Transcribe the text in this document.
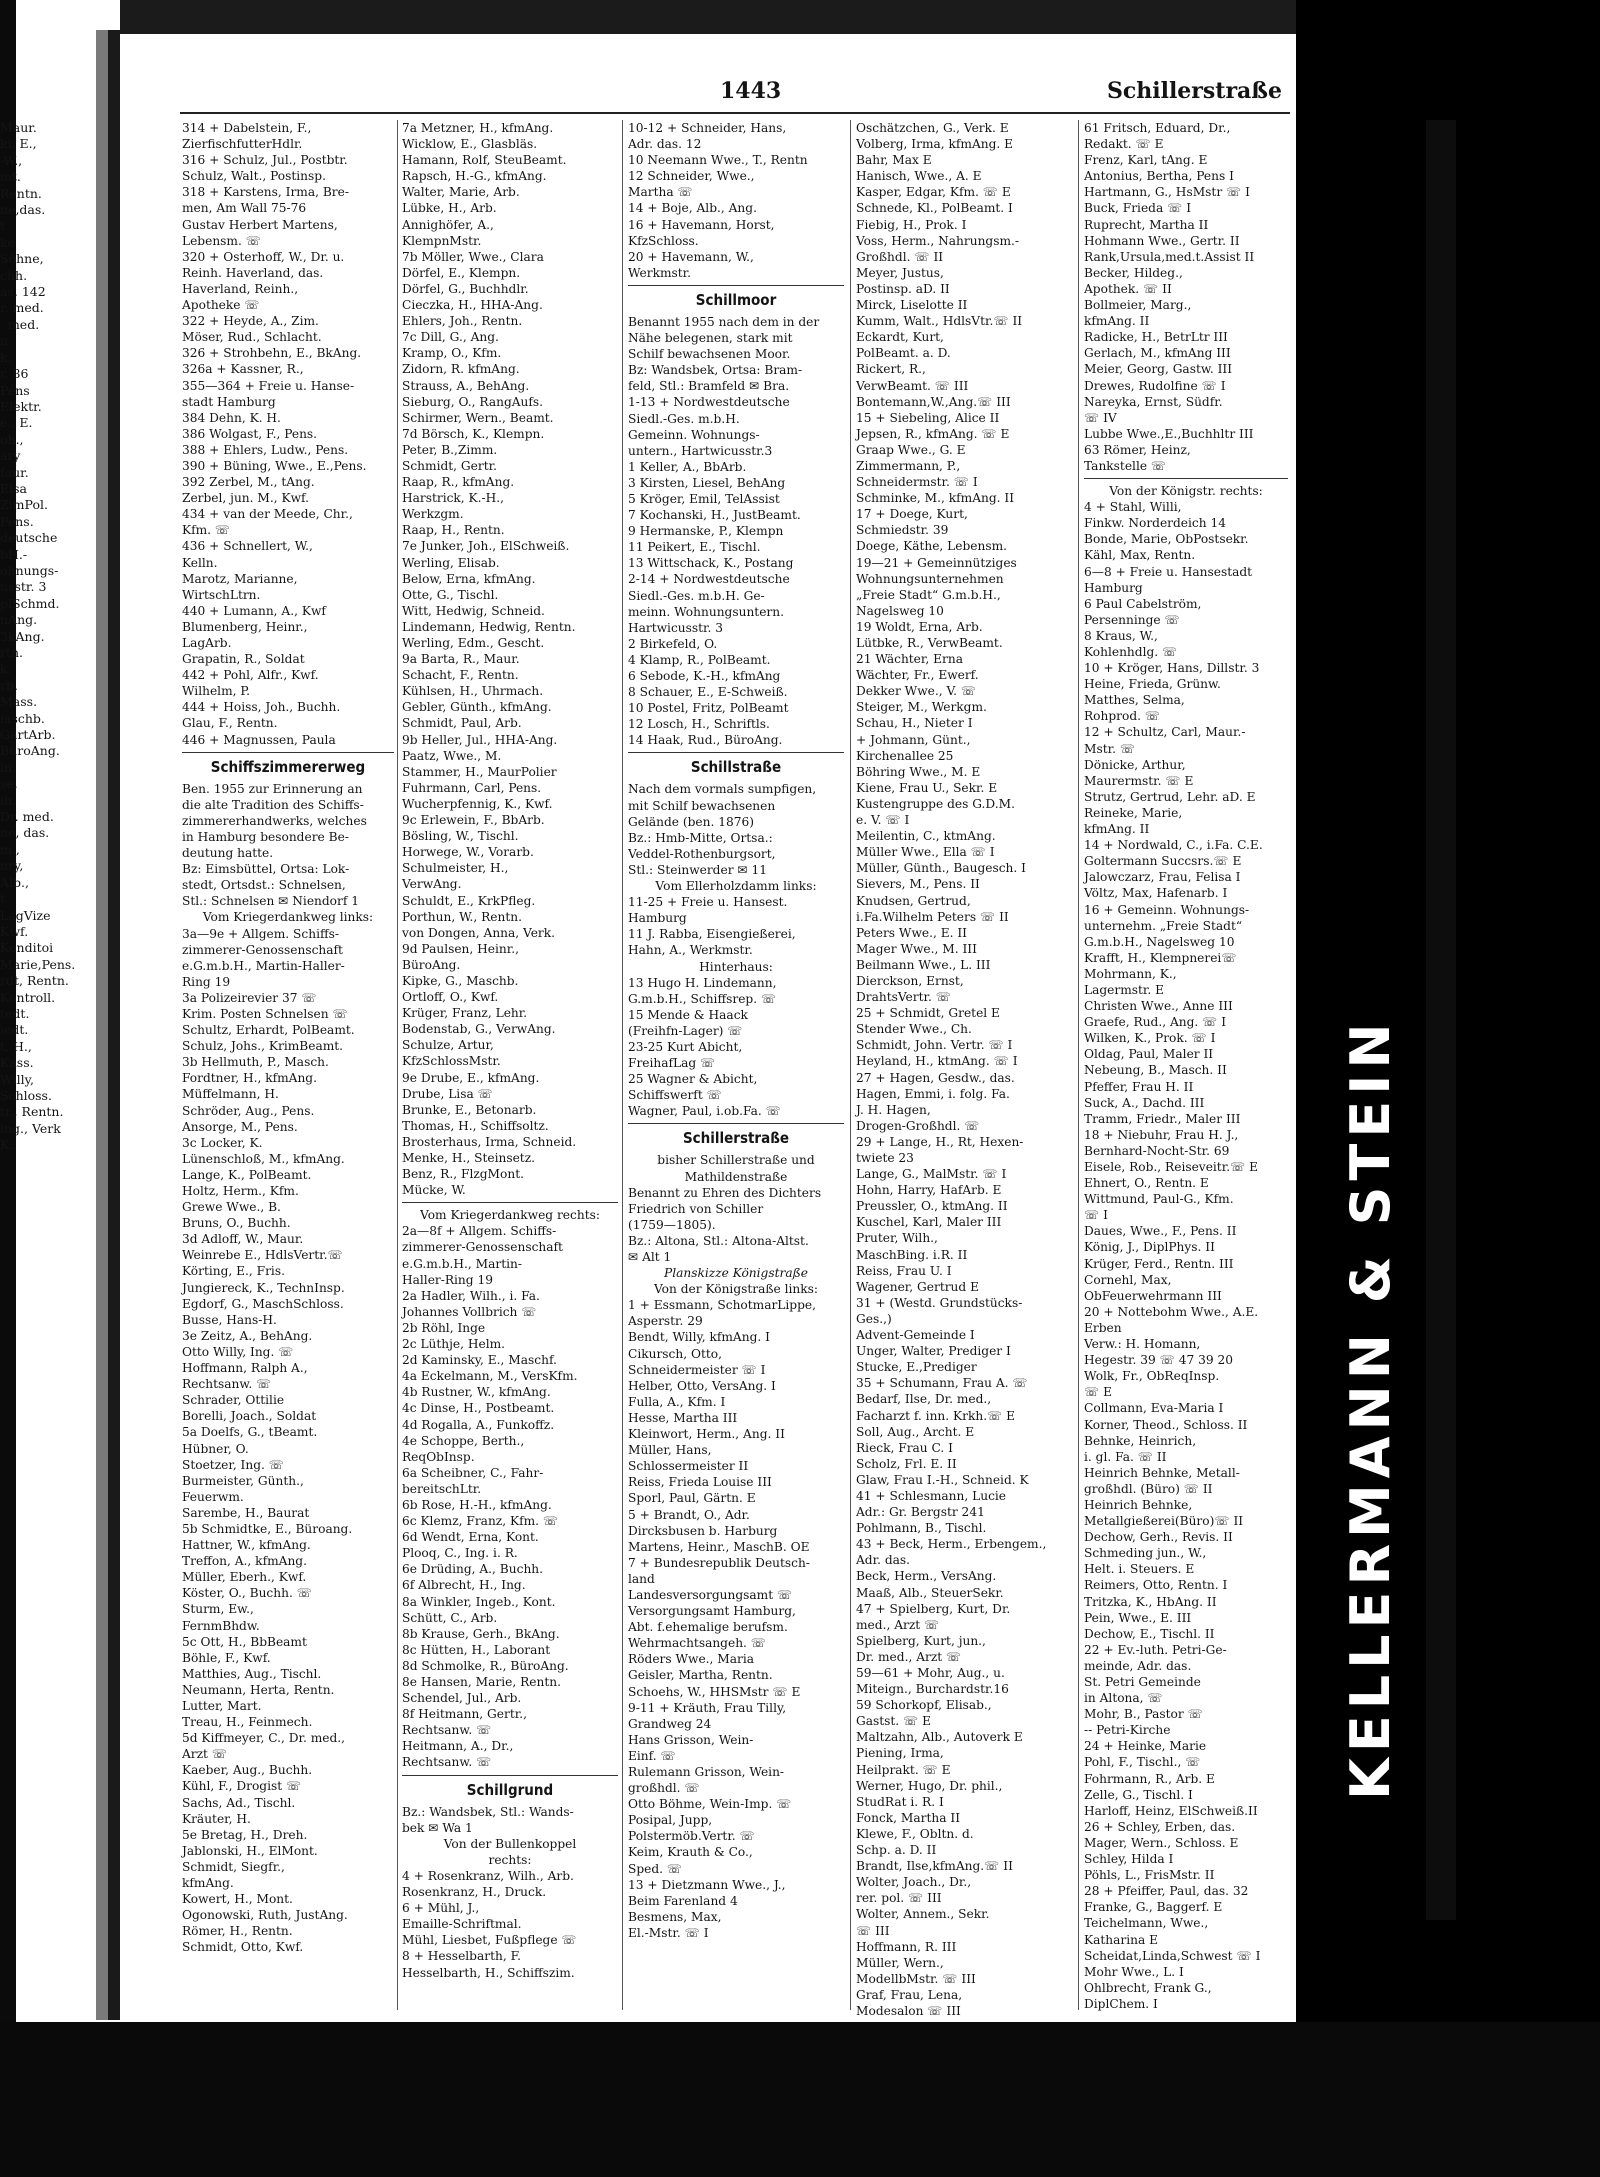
Maur.
ki, E.,
-W.,
mt.
Rentn.
ne,das.
t
ke
Söhne,
chh.
as. 142
r. med.
· med.
n.
k.
r. 86
Pens
Elektr.
e., E.
oh.,
ary
faur.
Elsa
ZimPol.
Pens.
deutsche
bH.-
ohnungs-
usstr. 3
plSchmd.
nAng.
3kAng.
rtn.
k.
rb.
Mass.
iaschb.
GartArb.
BüroAng.
in.
se,
ih.
Dr. med.
ne, das.
m.,
nry,
Alb.,
t
LagVize
Kwf.
Konditoi
Marie,Pens.
rdt, Rentn.
Kontroll.
tedt.
iedt.
t, H.,
Kass.
Willy,
Schloss.
tr., Rentn.
ing., Verk
K.,
1443	Schillerstraße
314 + Dabelstein, F.,
ZierfischfutterHdlr.
316 + Schulz, Jul., Postbtr.
Schulz, Walt., Postinsp.
318 + Karstens, Irma, Bre-
men, Am Wall 75-76
Gustav Herbert Martens,
Lebensm. ☏
320 + Osterhoff, W., Dr. u.
Reinh. Haverland, das.
Haverland, Reinh.,
Apotheke ☏
322 + Heyde, A., Zim.
Möser, Rud., Schlacht.
326 + Strohbehn, E., BkAng.
326a + Kassner, R.,
355—364 + Freie u. Hanse-
stadt Hamburg
384 Dehn, K. H.
386 Wolgast, F., Pens.
388 + Ehlers, Ludw., Pens.
390 + Büning, Wwe., E.,Pens.
392 Zerbel, M., tAng.
Zerbel, jun. M., Kwf.
434 + van der Meede, Chr.,
Kfm. ☏
436 + Schnellert, W.,
Kelln.
Marotz, Marianne,
WirtschLtrn.
440 + Lumann, A., Kwf
Blumenberg, Heinr.,
LagArb.
Grapatin, R., Soldat
442 + Pohl, Alfr., Kwf.
Wilhelm, P.
444 + Hoiss, Joh., Buchh.
Glau, F., Rentn.
446 + Magnussen, Paula
Schiffszimmererweg
Ben. 1955 zur Erinnerung an
die alte Tradition des Schiffs-
zimmererhandwerks, welches
in Hamburg besondere Be-
deutung hatte.
Bz: Eimsbüttel, Ortsa: Lok-
stedt, Ortsdst.: Schnelsen,
Stl.: Schnelsen ✉ Niendorf 1
Vom Kriegerdankweg links:
3a—9e + Allgem. Schiffs-
zimmerer-Genossenschaft
e.G.m.b.H., Martin-Haller-
Ring 19
3a Polizeirevier 37 ☏
Krim. Posten Schnelsen ☏
Schultz, Erhardt, PolBeamt.
Schulz, Johs., KrimBeamt.
3b Hellmuth, P., Masch.
Fordtner, H., kfmAng.
Müffelmann, H.
Schröder, Aug., Pens.
Ansorge, M., Pens.
3c Locker, K.
Lünenschloß, M., kfmAng.
Lange, K., PolBeamt.
Holtz, Herm., Kfm.
Grewe Wwe., B.
Bruns, O., Buchh.
3d Adloff, W., Maur.
Weinrebe E., HdlsVertr.☏
Körting, E., Fris.
Jungiereck, K., TechnInsp.
Egdorf, G., MaschSchloss.
Busse, Hans-H.
3e Zeitz, A., BehAng.
Otto Willy, Ing. ☏
Hoffmann, Ralph A.,
Rechtsanw. ☏
Schrader, Ottilie
Borelli, Joach., Soldat
5a Doelfs, G., tBeamt.
Hübner, O.
Stoetzer, Ing. ☏
Burmeister, Günth.,
Feuerwm.
Sarembe, H., Baurat
5b Schmidtke, E., Büroang.
Hattner, W., kfmAng.
Treffon, A., kfmAng.
Müller, Eberh., Kwf.
Köster, O., Buchh. ☏
Sturm, Ew.,
FernmBhdw.
5c Ott, H., BbBeamt
Böhle, F., Kwf.
Matthies, Aug., Tischl.
Neumann, Herta, Rentn.
Lutter, Mart.
Treau, H., Feinmech.
5d Kiffmeyer, C., Dr. med.,
Arzt ☏
Kaeber, Aug., Buchh.
Kühl, F., Drogist ☏
Sachs, Ad., Tischl.
Kräuter, H.
5e Bretag, H., Dreh.
Jablonski, H., ElMont.
Schmidt, Siegfr.,
kfmAng.
Kowert, H., Mont.
Ogonowski, Ruth, JustAng.
Römer, H., Rentn.
Schmidt, Otto, Kwf.
7a Metzner, H., kfmAng.
Wicklow, E., Glasbläs.
Hamann, Rolf, SteuBeamt.
Rapsch, H.-G., kfmAng.
Walter, Marie, Arb.
Lübke, H., Arb.
Annighöfer, A.,
KlempnMstr.
7b Möller, Wwe., Clara
Dörfel, E., Klempn.
Dörfel, G., Buchhdlr.
Cieczka, H., HHA-Ang.
Ehlers, Joh., Rentn.
7c Dill, G., Ang.
Kramp, O., Kfm.
Zidorn, R. kfmAng.
Strauss, A., BehAng.
Sieburg, O., RangAufs.
Schirmer, Wern., Beamt.
7d Börsch, K., Klempn.
Peter, B.,Zimm.
Schmidt, Gertr.
Raap, R., kfmAng.
Harstrick, K.-H.,
Werkzgm.
Raap, H., Rentn.
7e Junker, Joh., ElSchweiß.
Werling, Elisab.
Below, Erna, kfmAng.
Otte, G., Tischl.
Witt, Hedwig, Schneid.
Lindemann, Hedwig, Rentn.
Werling, Edm., Gescht.
9a Barta, R., Maur.
Schacht, F., Rentn.
Kühlsen, H., Uhrmach.
Gebler, Günth., kfmAng.
Schmidt, Paul, Arb.
9b Heller, Jul., HHA-Ang.
Paatz, Wwe., M.
Stammer, H., MaurPolier
Fuhrmann, Carl, Pens.
Wucherpfennig, K., Kwf.
9c Erlewein, F., BbArb.
Bösling, W., Tischl.
Horwege, W., Vorarb.
Schulmeister, H.,
VerwAng.
Schuldt, E., KrkPfleg.
Porthun, W., Rentn.
von Dongen, Anna, Verk.
9d Paulsen, Heinr.,
BüroAng.
Kipke, G., Maschb.
Ortloff, O., Kwf.
Krüger, Franz, Lehr.
Bodenstab, G., VerwAng.
Schulze, Artur,
KfzSchlossMstr.
9e Drube, E., kfmAng.
Drube, Lisa ☏
Brunke, E., Betonarb.
Thomas, H., Schiffsoltz.
Brosterhaus, Irma, Schneid.
Menke, H., Steinsetz.
Benz, R., FlzgMont.
Mücke, W.
Vom Kriegerdankweg rechts:
2a—8f + Allgem. Schiffs-
zimmerer-Genossenschaft
e.G.m.b.H., Martin-
Haller-Ring 19
2a Hadler, Wilh., i. Fa.
Johannes Vollbrich ☏
2b Röhl, Inge
2c Lüthje, Helm.
2d Kaminsky, E., Maschf.
4a Eckelmann, M., VersKfm.
4b Rustner, W., kfmAng.
4c Dinse, H., Postbeamt.
4d Rogalla, A., Funkoffz.
4e Schoppe, Berth.,
ReqObInsp.
6a Scheibner, C., Fahr-
bereitschLtr.
6b Rose, H.-H., kfmAng.
6c Klemz, Franz, Kfm. ☏
6d Wendt, Erna, Kont.
Plooq, C., Ing. i. R.
6e Drüding, A., Buchh.
6f Albrecht, H., Ing.
8a Winkler, Ingeb., Kont.
Schütt, C., Arb.
8b Krause, Gerh., BkAng.
8c Hütten, H., Laborant
8d Schmolke, R., BüroAng.
8e Hansen, Marie, Rentn.
Schendel, Jul., Arb.
8f Heitmann, Gertr.,
Rechtsanw. ☏
Heitmann, A., Dr.,
Rechtsanw. ☏
Schillgrund
Bz.: Wandsbek, Stl.: Wands-
bek ✉ Wa 1
Von der Bullenkoppel
rechts:
4 + Rosenkranz, Wilh., Arb.
Rosenkranz, H., Druck.
6 + Mühl, J.,
Emaille-Schriftmal.
Mühl, Liesbet, Fußpflege ☏
8 + Hesselbarth, F.
Hesselbarth, H., Schiffszim.
10-12 + Schneider, Hans,
Adr. das. 12
10 Neemann Wwe., T., Rentn
12 Schneider, Wwe.,
Martha ☏
14 + Boje, Alb., Ang.
16 + Havemann, Horst,
KfzSchloss.
20 + Havemann, W.,
Werkmstr.
Schillmoor
Benannt 1955 nach dem in der
Nähe belegenen, stark mit
Schilf bewachsenen Moor.
Bz: Wandsbek, Ortsa: Bram-
feld, Stl.: Bramfeld ✉ Bra.
1-13 + Nordwestdeutsche
Siedl.-Ges. m.b.H.
Gemeinn. Wohnungs-
untern., Hartwicusstr.3
1 Keller, A., BbArb.
3 Kirsten, Liesel, BehAng
5 Kröger, Emil, TelAssist
7 Kochanski, H., JustBeamt.
9 Hermanske, P., Klempn
11 Peikert, E., Tischl.
13 Wittschack, K., Postang
2-14 + Nordwestdeutsche
Siedl.-Ges. m.b.H. Ge-
meinn. Wohnungsuntern.
Hartwicusstr. 3
2 Birkefeld, O.
4 Klamp, R., PolBeamt.
6 Sebode, K.-H., kfmAng
8 Schauer, E., E-Schweiß.
10 Postel, Fritz, PolBeamt
12 Losch, H., Schriftls.
14 Haak, Rud., BüroAng.
Schillstraße
Nach dem vormals sumpfigen,
mit Schilf bewachsenen
Gelände (ben. 1876)
Bz.: Hmb-Mitte, Ortsa.:
Veddel-Rothenburgsort,
Stl.: Steinwerder ✉ 11
Vom Ellerholzdamm links:
11-25 + Freie u. Hansest.
Hamburg
11 J. Rabba, Eisengießerei,
Hahn, A., Werkmstr.
Hinterhaus:
13 Hugo H. Lindemann,
G.m.b.H., Schiffsrep. ☏
15 Mende & Haack
(Freihfn-Lager) ☏
23-25 Kurt Abicht,
FreihafLag ☏
25 Wagner & Abicht,
Schiffswerft ☏
Wagner, Paul, i.ob.Fa. ☏
Schillerstraße
bisher Schillerstraße und
Mathildenstraße
Benannt zu Ehren des Dichters
Friedrich von Schiller
(1759—1805).
Bz.: Altona, Stl.: Altona-Altst.
✉ Alt 1
Planskizze Königstraße
Von der Königstraße links:
1 + Essmann, SchotmarLippe,
Asperstr. 29
Bendt, Willy, kfmAng. I
Cikursch, Otto,
Schneidermeister ☏ I
Helber, Otto, VersAng. I
Fulla, A., Kfm. I
Hesse, Martha III
Kleinwort, Herm., Ang. II
Müller, Hans,
Schlossermeister II
Reiss, Frieda Louise III
Sporl, Paul, Gärtn. E
5 + Brandt, O., Adr.
Dircksbusen b. Harburg
Martens, Heinr., MaschB. OE
7 + Bundesrepublik Deutsch-
land
Landesversorgungsamt ☏
Versorgungsamt Hamburg,
Abt. f.ehemalige berufsm.
Wehrmachtsangeh. ☏
Röders Wwe., Maria
Geisler, Martha, Rentn.
Schoehs, W., HHSMstr ☏ E
9-11 + Kräuth, Frau Tilly,
Grandweg 24
Hans Grisson, Wein-
Einf. ☏
Rulemann Grisson, Wein-
großhdl. ☏
Otto Böhme, Wein-Imp. ☏
Posipal, Jupp,
Polstermöb.Vertr. ☏
Keim, Krauth & Co.,
Sped. ☏
13 + Dietzmann Wwe., J.,
Beim Farenland 4
Besmens, Max,
El.-Mstr. ☏ I
Oschätzchen, G., Verk. E
Volberg, Irma, kfmAng. E
Bahr, Max E
Hanisch, Wwe., A. E
Kasper, Edgar, Kfm. ☏ E
Schnede, Kl., PolBeamt. I
Fiebig, H., Prok. I
Voss, Herm., Nahrungsm.-
Großhdl. ☏ II
Meyer, Justus,
Postinsp. aD. II
Mirck, Liselotte II
Kumm, Walt., HdlsVtr.☏ II
Eckardt, Kurt,
PolBeamt. a. D.
Rickert, R.,
VerwBeamt. ☏ III
Bontemann,W.,Ang.☏ III
15 + Siebeling, Alice II
Jepsen, R., kfmAng. ☏ E
Graap Wwe., G. E
Zimmermann, P.,
Schneidermstr. ☏ I
Schminke, M., kfmAng. II
17 + Doege, Kurt,
Schmiedstr. 39
Doege, Käthe, Lebensm.
19—21 + Gemeinnütziges
Wohnungsunternehmen
„Freie Stadt“ G.m.b.H.,
Nagelsweg 10
19 Woldt, Erna, Arb.
Lütbke, R., VerwBeamt.
21 Wächter, Erna
Wächter, Fr., Ewerf.
Dekker Wwe., V. ☏
Steiger, M., Werkgm.
Schau, H., Nieter I
+ Johmann, Günt.,
Kirchenallee 25
Böhring Wwe., M. E
Kiene, Frau U., Sekr. E
Kustengruppe des G.D.M.
e. V. ☏ I
Meilentin, C., ktmAng.
Müller Wwe., Ella ☏ I
Müller, Günth., Baugesch. I
Sievers, M., Pens. II
Knudsen, Gertrud,
i.Fa.Wilhelm Peters ☏ II
Peters Wwe., E. II
Mager Wwe., M. III
Beilmann Wwe., L. III
Dierckson, Ernst,
DrahtsVertr. ☏
25 + Schmidt, Gretel E
Stender Wwe., Ch.
Schmidt, John. Vertr. ☏ I
Heyland, H., ktmAng. ☏ I
27 + Hagen, Gesdw., das.
Hagen, Emmi, i. folg. Fa.
J. H. Hagen,
Drogen-Großhdl. ☏
29 + Lange, H., Rt, Hexen-
twiete 23
Lange, G., MalMstr. ☏ I
Hohn, Harry, HafArb. E
Preussler, O., ktmAng. II
Kuschel, Karl, Maler III
Pruter, Wilh.,
MaschBing. i.R. II
Reiss, Frau U. I
Wagener, Gertrud E
31 + (Westd. Grundstücks-
Ges.,)
Advent-Gemeinde I
Unger, Walter, Prediger I
Stucke, E.,Prediger
35 + Schumann, Frau A. ☏
Bedarf, Ilse, Dr. med.,
Facharzt f. inn. Krkh.☏ E
Soll, Aug., Archt. E
Rieck, Frau C. I
Scholz, Frl. E. II
Glaw, Frau I.-H., Schneid. K
41 + Schlesmann, Lucie
Adr.: Gr. Bergstr 241
Pohlmann, B., Tischl.
43 + Beck, Herm., Erbengem.,
Adr. das.
Beck, Herm., VersAng.
Maaß, Alb., SteuerSekr.
47 + Spielberg, Kurt, Dr.
med., Arzt ☏
Spielberg, Kurt, jun.,
Dr. med., Arzt ☏
59—61 + Mohr, Aug., u.
Miteign., Burchardstr.16
59 Schorkopf, Elisab.,
Gastst. ☏ E
Maltzahn, Alb., Autoverk E
Piening, Irma,
Heilprakt. ☏ E
Werner, Hugo, Dr. phil.,
StudRat i. R. I
Fonck, Martha II
Klewe, F., Obltn. d.
Schp. a. D. II
Brandt, Ilse,kfmAng.☏ II
Wolter, Joach., Dr.,
rer. pol. ☏ III
Wolter, Annem., Sekr.
☏ III
Hoffmann, R. III
Müller, Wern.,
ModellbMstr. ☏ III
Graf, Frau, Lena,
Modesalon ☏ III
61 Fritsch, Eduard, Dr.,
Redakt. ☏ E
Frenz, Karl, tAng. E
Antonius, Bertha, Pens I
Hartmann, G., HsMstr ☏ I
Buck, Frieda ☏ I
Ruprecht, Martha II
Hohmann Wwe., Gertr. II
Rank,Ursula,med.t.Assist II
Becker, Hildeg.,
Apothek. ☏ II
Bollmeier, Marg.,
kfmAng. II
Radicke, H., BetrLtr III
Gerlach, M., kfmAng III
Meier, Georg, Gastw. III
Drewes, Rudolfine ☏ I
Nareyka, Ernst, Südfr.
☏ IV
Lubbe Wwe.,E.,Buchhltr III
63 Römer, Heinz,
Tankstelle ☏
Von der Königstr. rechts:
4 + Stahl, Willi,
Finkw. Norderdeich 14
Bonde, Marie, ObPostsekr.
Kähl, Max, Rentn.
6—8 + Freie u. Hansestadt
Hamburg
6 Paul Cabelström,
Persenninge ☏
8 Kraus, W.,
Kohlenhdlg. ☏
10 + Kröger, Hans, Dillstr. 3
Heine, Frieda, Grünw.
Matthes, Selma,
Rohprod. ☏
12 + Schultz, Carl, Maur.-
Mstr. ☏
Dönicke, Arthur,
Maurermstr. ☏ E
Strutz, Gertrud, Lehr. aD. E
Reineke, Marie,
kfmAng. II
14 + Nordwald, C., i.Fa. C.E.
Goltermann Succsrs.☏ E
Jalowczarz, Frau, Felisa I
Völtz, Max, Hafenarb. I
16 + Gemeinn. Wohnungs-
unternehm. „Freie Stadt“
G.m.b.H., Nagelsweg 10
Krafft, H., Klempnerei☏
Mohrmann, K.,
Lagermstr. E
Christen Wwe., Anne III
Graefe, Rud., Ang. ☏ I
Wilken, K., Prok. ☏ I
Oldag, Paul, Maler II
Nebeung, B., Masch. II
Pfeffer, Frau H. II
Suck, A., Dachd. III
Tramm, Friedr., Maler III
18 + Niebuhr, Frau H. J.,
Bernhard-Nocht-Str. 69
Eisele, Rob., Reiseveitr.☏ E
Ehnert, O., Rentn. E
Wittmund, Paul-G., Kfm.
☏ I
Daues, Wwe., F., Pens. II
König, J., DiplPhys. II
Krüger, Ferd., Rentn. III
Cornehl, Max,
ObFeuerwehrmann III
20 + Nottebohm Wwe., A.E.
Erben
Verw.: H. Homann,
Hegestr. 39 ☏ 47 39 20
Wolk, Fr., ObReqInsp.
☏ E
Collmann, Eva-Maria I
Korner, Theod., Schloss. II
Behnke, Heinrich,
i. gl. Fa. ☏ II
Heinrich Behnke, Metall-
großhdl. (Büro) ☏ II
Heinrich Behnke,
Metallgießerei(Büro)☏ II
Dechow, Gerh., Revis. II
Schmeding jun., W.,
Helt. i. Steuers. E
Reimers, Otto, Rentn. I
Tritzka, K., HbAng. II
Pein, Wwe., E. III
Dechow, E., Tischl. II
22 + Ev.-luth. Petri-Ge-
meinde, Adr. das.
St. Petri Gemeinde
in Altona, ☏
Mohr, B., Pastor ☏
-- Petri-Kirche
24 + Heinke, Marie
Pohl, F., Tischl., ☏
Fohrmann, R., Arb. E
Zelle, G., Tischl. I
Harloff, Heinz, ElSchweiß.II
26 + Schley, Erben, das.
Mager, Wern., Schloss. E
Schley, Hilda I
Pöhls, L., FrisMstr. II
28 + Pfeiffer, Paul, das. 32
Franke, G., Baggerf. E
Teichelmann, Wwe.,
Katharina E
Scheidat,Linda,Schwest ☏ I
Mohr Wwe., L. I
Ohlbrecht, Frank G.,
DiplChem. I
KELLERMANN & STEIN
